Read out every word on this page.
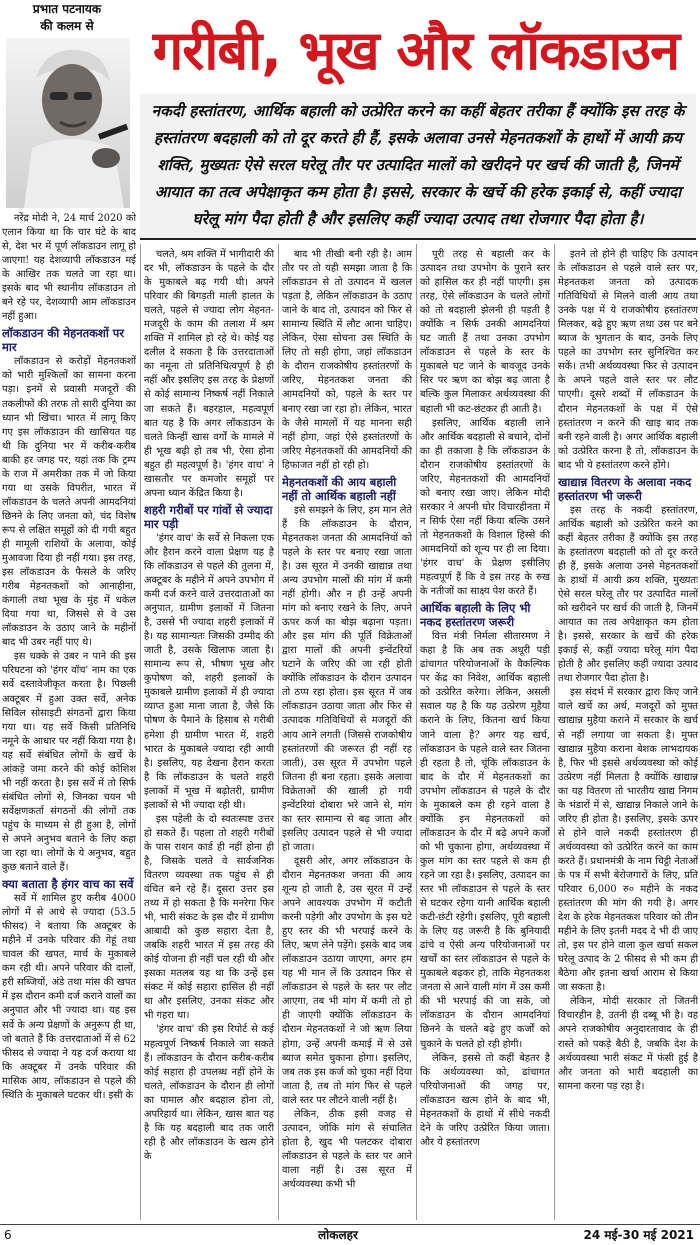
प्रभात पटनायक
की कलम से	गरीबी, भूख और लॉकडाउन

नकदी हस्तांतरण, आर्थिक बहाली को उत्प्रेरित करने का कहीं बेहतर तरीका हैं क्योंकि इस तरह के हस्तांतरण बदहाली को तो दूर करते ही हैं, इसके अलावा उनसे मेहनतकशों के हाथों में आयी क्रय शक्ति, मुख्यतः ऐसे सरल घरेलू तौर पर उत्पादित मालों को खरीदने पर खर्च की जाती है, जिनमें आयात का तत्व अपेक्षाकृत कम होता है। इससे, सरकार के खर्चे की हरेक इकाई से, कहीं ज्यादा घरेलू मांग पैदा होती है और इसलिए कहीं ज्यादा उत्पाद तथा रोजगार पैदा होता है।

नरेंद्र मोदी ने, 24 मार्च 2020 को एलान किया था कि चार घंटे के बाद से, देश भर में पूर्ण लॉकडाउन लागू हो जाएगा! यह देशव्यापी लॉकडाउन मई के आखिर तक चलते जा रहा था। इसके बाद भी स्थानीय लॉकडाउन तो बने रहे पर, देशव्यापी आम लॉकडाउन नहीं हुआ।

लॉकडाउन की मेहनतकशों पर मार

लॉकडाउन से करोड़ों मेहनतकशों को भारी मुश्किलों का सामना करना पड़ा। इनमें से प्रवासी मजदूरों की तकलीफों की तरफ तो सारी दुनिया का ध्यान भी खिंचा। भारत में लागू किए गए इस लॉकडाउन की खासियत यह थी कि दुनिया भर में करीब-करीब बाकी हर जगह पर, यहां तक कि ट्रम्प के राज में अमरीका तक में जो किया गया था उसके विपरीत, भारत में लॉकडाउन के चलते अपनी आमदनियां छिनने के लिए जनता को, चंद विशेष रूप से लक्षित समूहों को दी गयी बहुत ही मामूली राशियों के अलावा, कोई मुआवजा दिया ही नहीं गया। इस तरह, इस लॉकडाउन के फैसले के जरिए गरीब मेहनतकशों को आनाहीना, कंगाली तथा भूख के मुंह में धकेल दिया गया था, जिससे से वे उस लॉकडाउन के उठाए जाने के महीनों बाद भी उबर नहीं पाए थे।

इस धक्के से उबर न पाने की इस परिघटना को 'हंगर वॉच' नाम का एक सर्वे दस्तावेजीकृत करता है। पिछली अक्टूबर में हुआ उक्त सर्वे, अनेक सिविल सोसाइटी संगठनों द्वारा किया गया था। यह सर्वे किसी प्रतिनिधि नमूने के आधार पर नहीं किया गया है। यह सर्वे संबंधित लोगों के खर्चे के आंकड़े जमा करने की कोई कोशिश भी नहीं करता है। इस सर्वे में तो सिर्फ संबंधित लोगों से, जिनका चयन भी सर्वेक्षणकर्ता संगठनों की लोगों तक पहुंच के माध्यम से ही हुआ है, लोगों से अपने अनुभव बताने के लिए कहा जा रहा था। लोगों के ये अनुभव, बहुत कुछ बताने वाले हैं।

क्या बताता है हंगर वाच का सर्वे

सर्वे में शामिल हुए करीब 4000 लोगों में से आधे से ज्यादा (53.5 फीसद) ने बताया कि अक्टूबर के महीने में उनके परिवार की गेहूं तथा चावल की खपत, मार्च के मुकाबले कम रही थी। अपने परिवार की दालों, हरी सब्जियों, अंडे तथा मांस की खपत में इस दौरान कमी दर्ज कराने वालों का अनुपात और भी ज्यादा था। यह इस सर्वे के अन्य प्रेक्षणों के अनुरूप ही था, जो बताते हैं कि उत्तरदाताओं में से 62 फीसद से ज्यादा ने यह दर्ज कराया था कि अक्टूबर में उनके परिवार की मासिक आय, लॉकडाउन से पहले की स्थिति के मुकाबले घटकर थी। इसी के

चलते, श्रम शक्ति में भागीदारी की दर भी, लॉकडाउन के पहले के दौर के मुकाबले बढ़ गयी थी। अपने परिवार की बिगड़ती माली हालत के चलते, पहले से ज्यादा लोग मेहनत-मजदूरी के काम की तलाश में श्रम शक्ति में शामिल हो रहे थे। कोई यह दलील दे सकता है कि उत्तरदाताओं का नमूना तो प्रतिनिधित्वपूर्ण है ही नहीं और इसलिए इस तरह के प्रेक्षणों से कोई सामान्य निष्कर्ष नहीं निकाले जा सकते हैं। बहरहाल, महत्वपूर्ण बात यह है कि अगर लॉकडाउन के चलते किन्हीं खास वर्गों के मामले में ही भूख बढ़ी हो तब भी, ऐसा होना बहुत ही महत्वपूर्ण है। 'हंगर वाच' ने खासतौर पर कमजोर समूहों पर अपना ध्यान केंद्रित किया है।

शहरी गरीबों पर गांवों से ज्यादा मार पड़ी

'हंगर वाच' के सर्वे से निकला एक और हैरान करने वाला प्रेक्षण यह है कि लॉकडाउन से पहले की तुलना में, अक्टूबर के महीने में अपने उपभोग में कमी दर्ज करने वाले उत्तरदाताओं का अनुपात, ग्रामीण इलाकों में जितना है, उससे भी ज्यादा शहरी इलाकों में है। यह सामान्यतः जिसकी उम्मीद की जाती है, उसके खिलाफ जाता है। सामान्य रूप से, भीषण भूख और कुपोषण को, शहरी इलाकों के मुकाबले ग्रामीण इलाकों में ही ज्यादा व्याप्त हुआ माना जाता है, जैसे कि पोषण के पैमाने के हिसाब से गरीबी हमेशा ही ग्रामीण भारत में, शहरी भारत के मुकाबले ज्यादा रही आयी है। इसलिए, यह देखना हैरान करता है कि लॉकडाउन के चलते शहरी इलाकों में भूख में बढ़ोतरी, ग्रामीण इलाकों से भी ज्यादा रही थी।

इस पहेली के दो स्वतःस्पष्ट उत्तर हो सकते हैं। पहला तो शहरी गरीबों के पास राशन कार्ड ही नहीं होना ही है, जिसके चलते वे सार्वजनिक वितरण व्यवस्था तक पहुंच से ही वंचित बने रहे हैं। दूसरा उत्तर इस तथ्य में हो सकता है कि मनरेगा फिर भी, भारी संकट के इस दौर में ग्रामीण आबादी को कुछ सहारा देता है, जबकि शहरी भारत में इस तरह की कोई योजना ही नहीं चल रही थी और इसका मतलब यह था कि उन्हें इस संकट में कोई सहारा हासिल ही नहीं था और इसलिए, उनका संकट और भी गहरा था।

'हंगर वाच' की इस रिपोर्ट से कई महत्वपूर्ण निष्कर्ष निकाले जा सकते हैं। लॉकडाउन के दौरान करीब-करीब कोई सहारा ही उपलब्ध नहीं होने के चलते, लॉकडाउन के दौरान ही लोगों का पामाल और बदहाल होना तो, अपरिहार्य था। लेकिन, खास बात यह है कि यह बदहाली बाद तक जारी रही है और लॉकडाउन के खत्म होने के

बाद भी तीखी बनी रही है। आम तौर पर तो यही समझा जाता है कि लॉकडाउन से तो उत्पादन में खलल पड़ता है, लेकिन लॉकडाउन के उठाए जाने के बाद तो, उत्पादन को फिर से सामान्य स्थिति में लौट आना चाहिए। लेकिन, ऐसा सोचना उस स्थिति के लिए तो सही होगा, जहां लॉकडाउन के दौरान राजकोषीय हस्तांतरणों के जरिए, मेहनतकश जनता की आमदनियों को, पहले के स्तर पर बनाए रखा जा रहा हो। लेकिन, भारत के जैसे मामलों में यह मानना सही नहीं होगा, जहां ऐसे हस्तांतरणों के जरिए मेहनतकशों की आमदनियों की हिफाजत नहीं हो रही हो।

मेहनतकशों की आय बहाली नहीं तो आर्थिक बहाली नहीं

इसे समझने के लिए, हम मान लेते हैं कि लॉकडाउन के दौरान, मेहनतकश जनता की आमदनियों को पहले के स्तर पर बनाए रखा जाता है। उस सूरत में उनकी खाद्यान्न तथा अन्य उपभोग मालों की मांग में कमी नहीं होगी। और न ही उन्हें अपनी मांग को बनाए रखने के लिए, अपने ऊपर कर्ज का बोझ बढ़ाना पड़ता। और इस मांग की पूर्ति विक्रेताओं द्वारा मालों की अपनी इन्वेंटरियों घटाने के जरिए की जा रही होती क्योंकि लॉकडाउन के दौरान उत्पादन तो ठप्प रहा होता। इस सूरत में जब लॉकडाउन उठाया जाता और फिर से उत्पादक गतिविधियों से मजदूरों की आय आने लगती (जिससे राजकोषीय हस्तांतरणों की जरूरत ही नहीं रह जाती), उस सूरत में उपभोग पहले जितना ही बना रहता। इसके अलावा विक्रेताओं की खाली हो गयी इन्वेंटरियां दोबारा भरे जाने से, मांग का स्तर सामान्य से बढ़ जाता और इसलिए उत्पादन पहले से भी ज्यादा हो जाता।

दूसरी ओर, अगर लॉकडाउन के दौरान मेहनतकश जनता की आय शून्य हो जाती है, उस सूरत में उन्हें अपने आवश्यक उपभोग में कटौती करनी पड़ेगी और उपभोग के इस घटे हुए स्तर की भी भरपाई करने के लिए, ऋण लेने पड़ेंगे। इसके बाद जब लॉकडाउन उठाया जाएगा, अगर हम यह भी मान लें कि उत्पादन फिर से लॉकडाउन से पहले के स्तर पर लौट आएगा, तब भी मांग में कमी तो हो ही जाएगी क्योंकि लॉकडाउन के दौरान मेहनतकशों ने जो ऋण लिया होगा, उन्हें अपनी कमाई में से उसे ब्याज समेत चुकाना होगा। इसलिए, जब तक इस कर्ज को चुका नहीं दिया जाता है, तब तो मांग फिर से पहले वाले स्तर पर लौटने वाली नहीं है।

लेकिन, ठीक इसी वजह से उत्पादन, जोकि मांग से संचालित होता है, खुद भी पलटकर दोबारा लॉकडाउन से पहले के स्तर पर आने वाला नहीं है। उस सूरत में अर्थव्यवस्था कभी भी

पूरी तरह से बहाली कर के उत्पादन तथा उपभोग के पुराने स्तर को हासिल कर ही नहीं पाएगी। इस तरह, ऐसे लॉकडाउन के चलते लोगों को तो बदहाली झेलनी ही पड़ती है क्योंकि न सिर्फ उनकी आमदनियां घट जाती हैं तथा उनका उपभोग लॉकडाउन से पहले के स्तर के मुकाबले घट जाने के बावजूद उनके सिर पर ऋण का बोझ बढ़ जाता है बल्कि कुल मिलाकर अर्थव्यवस्था की बहाली भी कट-छंटकर ही आती है।

इसलिए, आर्थिक बहाली लाने और आर्थिक बदहाली से बचाने, दोनों का ही तकाजा है कि लॉकडाउन के दौरान राजकोषीय हस्तांतरणों के जरिए, मेहनतकशों की आमदनियों को बनाए रखा जाए। लेकिन मोदी सरकार ने अपनी घोर विचारहीनता में न सिर्फ ऐसा नहीं किया बल्कि उसने तो मेहनतकशों के विशाल हिस्से की आमदनियों को शून्य पर ही ला दिया। 'हंगर वाच' के प्रेक्षण इसीलिए महत्वपूर्ण हैं कि वे इस तरह के रुख के नतीजों का साक्ष्य पेश करते हैं।

आर्थिक बहाली के लिए भी नकद हस्तांतरण जरूरी

वित्त मंत्री निर्मला सीतारमण ने कहा है कि अब तक अधूरी पड़ी ढांचागत परियोजनाओं के वैकल्पिक पर केंद्र का निवेश, आर्थिक बहाली को उत्प्रेरित करेगा। लेकिन, असली सवाल यह है कि यह उत्प्रेरण मुहैया कराने के लिए, कितना खर्च किया जाने वाला है? अगर यह खर्च, लॉकडाउन के पहले वाले स्तर जितना ही रहता है तो, चूंकि लॉकडाउन के बाद के दौर में मेहनतकशों का उपभोग लॉकडाउन से पहले के दौर के मुकाबले कम ही रहने वाला है क्योंकि इन मेहनतकशों को लॉकडाउन के दौर में बढ़े अपने कर्जों को भी चुकाना होगा, अर्थव्यवस्था में कुल मांग का स्तर पहले से कम ही रहने जा रहा है। इसलिए, उत्पादन का स्तर भी लॉकडाउन से पहले के स्तर से घटकर रहेगा यानी आर्थिक बहाली कटी-छंटी रहेगी। इसलिए, पूरी बहाली के लिए यह जरूरी है कि बुनियादी ढांचे व ऐसी अन्य परियोजनाओं पर खर्चों का स्तर लॉकडाउन से पहले के मुकाबले बढ़कर हो, ताकि मेहनतकश जनता से आने वाली मांग में उस कमी की भी भरपाई की जा सके, जो लॉकडाउन के दौरान आमदनियां छिनने के चलते बढ़े हुए कर्जों को चुकाने के चलते हो रही होगी।

लेकिन, इससे तो कहीं बेहतर है कि अर्थव्यवस्था को, ढांचागत परियोजनाओं की जगह पर, लॉकडाउन खत्म होने के बाद भी, मेहनतकशों के हाथों में सीधे नकदी देने के जरिए उत्प्रेरित किया जाता। और ये हस्तांतरण

इतने तो होने ही चाहिए कि उत्पादन के लॉकडाउन से पहले वाले स्तर पर, मेहनतकश जनता को उत्पादक गतिविधियों से मिलने वाली आय तथा उनके पक्ष में ये राजकोषीय हस्तांतरण मिलकर, बढ़े हुए ऋण तथा उस पर बने ब्याज के भुगतान के बाद, उनके लिए पहले का उपभोग स्तर सुनिश्चित कर सकें। तभी अर्थव्यवस्था फिर से उत्पादन के अपने पहले वाले स्तर पर लौट पाएगी। दूसरे शब्दों में लॉकडाउन के दौरान मेहनतकशों के पक्ष में ऐसे हस्तांतरण न करने की खाइ बाद तक बनी रहने वाली है। अगर आर्थिक बहाली को उत्प्रेरित करना है तो, लॉकडाउन के बाद भी ये हस्तांतरण करने होंगे।

खाद्यान्न वितरण के अलावा नकद हस्तांतरण भी जरूरी

इस तरह के नकदी हस्तांतरण, आर्थिक बहाली को उत्प्रेरित करने का कहीं बेहतर तरीका हैं क्योंकि इस तरह के हस्तांतरण बदहाली को तो दूर करते ही हैं, इसके अलावा उनसे मेहनतकशों के हाथों में आयी क्रय शक्ति, मुख्यतः ऐसे सरल घरेलू तौर पर उत्पादित मालों को खरीदने पर खर्च की जाती है, जिनमें आयात का तत्व अपेक्षाकृत कम होता है। इससे, सरकार के खर्चे की हरेक इकाई से, कहीं ज्यादा घरेलू मांग पैदा होती है और इसलिए कहीं ज्यादा उत्पाद तथा रोजगार पैदा होता है।

इस संदर्भ में सरकार द्वारा किए जाने वाले खर्चे का अर्थ, मजदूरों को मुफ्त खाद्यान्न मुहैया कराने में सरकार के खर्च से नहीं लगाया जा सकता है। मुफ्त खाद्यान्न मुहैया कराना बेशक लाभदायक है, फिर भी इससे अर्थव्यवस्था को कोई उत्प्रेरण नहीं मिलता है क्योंकि खाद्यान्न का यह वितरण तो भारतीय खाद्य निगम के भंडारों में से, खाद्यान्न निकाले जाने के जरिए ही होता है। इसलिए, इसके ऊपर से होने वाले नकदी हस्तांतरण ही अर्थव्यवस्था को उत्प्रेरित करने का काम करते हैं। प्रधानमंत्री के नाम चिट्ठी नेताओं के पत्र में सभी बेरोजगारों के लिए, प्रति परिवार 6,000 रु० महीने के नकद हस्तांतरण की मांग की गयी है। अगर देश के हरेक मेहनतकश परिवार को तीन महीने के लिए इतनी मदद दे भी दी जाए तो, इस पर होने वाला कुल खर्चा सकल घरेलू उत्पाद के 2 फीसद से भी कम ही बैठेगा और इतना खर्चा आराम से किया जा सकता है।

लेकिन, मोदी सरकार तो जितनी विचारहीन है, उतनी ही दब्बू भी है। वह अपने राजकोषीय अनुदारतावाद के ही रास्ते को पकड़े बैठी है, जबकि देश के अर्थव्यवस्था भारी संकट में फंसी हुई है और जनता को भारी बदहाली का सामना करना पड़ रहा है।

6	लोकलहर	24 मई-30 मई 2021
